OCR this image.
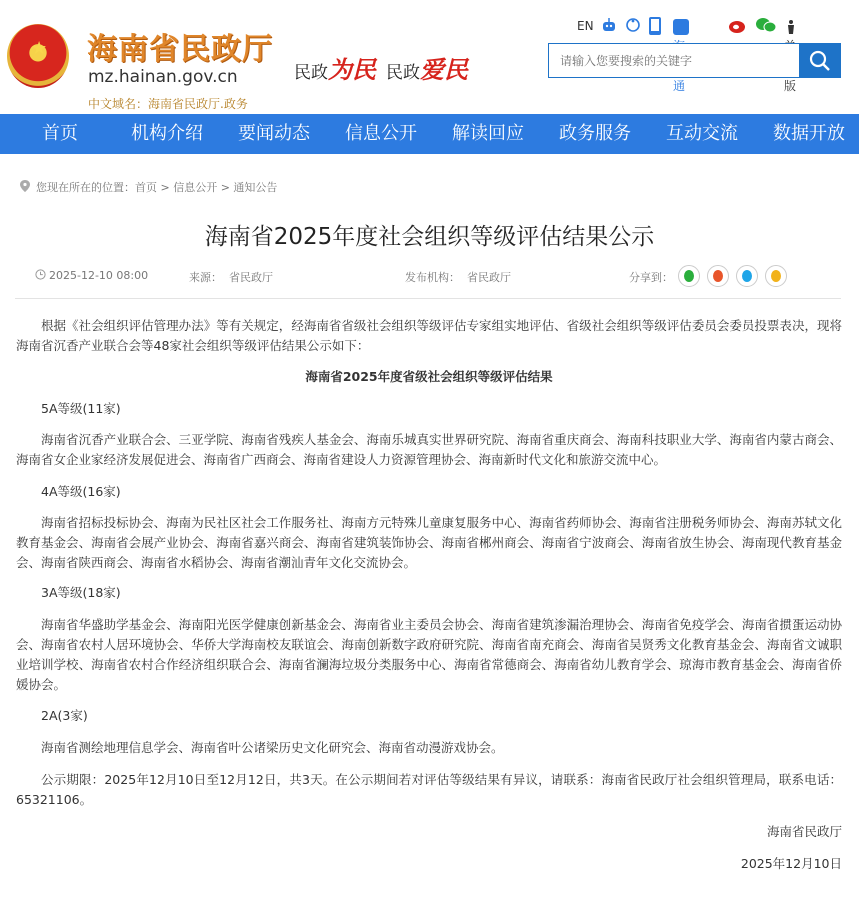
★ 海南省民政厅
mz.hainan.gov.cn
中文域名：海南省民政厅.政务
民政为民 民政爱民
EN
通	版
请输入您要搜索的关键字
首页	机构介绍 要闻动态 信息公开 解读回应 政务服务 互动交流 数据开放
您现在所在的位置：首页 > 信息公开 > 通知公告
海南省2025年度社会组织等级评估结果公示
2025-12-10 08:00	来源： 省民政厅	发布机构： 省民政厅	分享到：
根据《社会组织评估管理办法》等有关规定，经海南省省级社会组织等级评估专家组实地评估、省级社会组织等级评估委员会委员投票表决，现将海南省沉香产业联合会等48家社会组织等级评估结果公示如下：
海南省2025年度省级社会组织等级评估结果
5A等级(11家)
海南省沉香产业联合会、三亚学院、海南省残疾人基金会、海南乐城真实世界研究院、海南省重庆商会、海南科技职业大学、海南省内蒙古商会、海南省女企业家经济发展促进会、海南省广西商会、海南省建设人力资源管理协会、海南新时代文化和旅游交流中心。
4A等级(16家)
海南省招标投标协会、海南为民社区社会工作服务社、海南方元特殊儿童康复服务中心、海南省药师协会、海南省注册税务师协会、海南苏轼文化教育基金会、海南省会展产业协会、海南省嘉兴商会、海南省建筑装饰协会、海南省郴州商会、海南省宁波商会、海南省放生协会、海南现代教育基金会、海南省陕西商会、海南省水稻协会、海南省潮汕青年文化交流协会。
3A等级(18家)
海南省华盛助学基金会、海南阳光医学健康创新基金会、海南省业主委员会协会、海南省建筑渗漏治理协会、海南省免疫学会、海南省掼蛋运动协会、海南省农村人居环境协会、华侨大学海南校友联谊会、海南创新数字政府研究院、海南省南充商会、海南省吴贤秀文化教育基金会、海南省文诚职业培训学校、海南省农村合作经济组织联合会、海南省澜海垃圾分类服务中心、海南省常德商会、海南省幼儿教育学会、琼海市教育基金会、海南省侨媛协会。
2A(3家)
海南省测绘地理信息学会、海南省叶公诸梁历史文化研究会、海南省动漫游戏协会。
公示期限：2025年12月10日至12月12日，共3天。在公示期间若对评估等级结果有异议，请联系：海南省民政厅社会组织管理局，联系电话：65321106。
海南省民政厅
2025年12月10日
